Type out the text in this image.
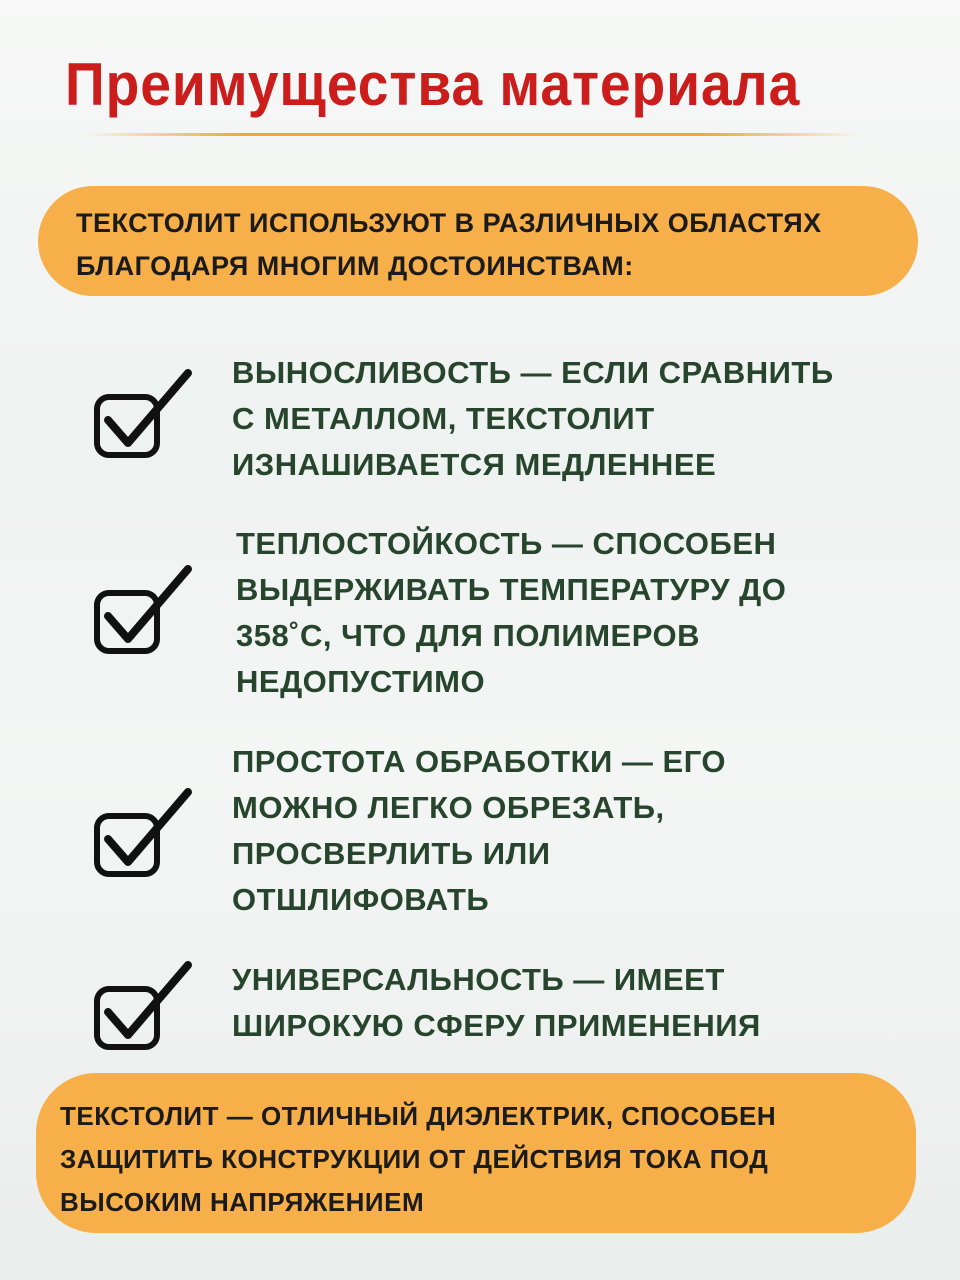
Преимущества материала
ТЕКСТОЛИТ ИСПОЛЬЗУЮТ В РАЗЛИЧНЫХ ОБЛАСТЯХ
БЛАГОДАРЯ МНОГИМ ДОСТОИНСТВАМ:
ВЫНОСЛИВОСТЬ — ЕСЛИ СРАВНИТЬ
С МЕТАЛЛОМ, ТЕКСТОЛИТ
ИЗНАШИВАЕТСЯ МЕДЛЕННЕЕ
ТЕПЛОСТОЙКОСТЬ — СПОСОБЕН
ВЫДЕРЖИВАТЬ ТЕМПЕРАТУРУ ДО
358˚С, ЧТО ДЛЯ ПОЛИМЕРОВ
НЕДОПУСТИМО
ПРОСТОТА ОБРАБОТКИ — ЕГО
МОЖНО ЛЕГКО ОБРЕЗАТЬ,
ПРОСВЕРЛИТЬ ИЛИ
ОТШЛИФОВАТЬ
УНИВЕРСАЛЬНОСТЬ — ИМЕЕТ
ШИРОКУЮ СФЕРУ ПРИМЕНЕНИЯ
ТЕКСТОЛИТ — ОТЛИЧНЫЙ ДИЭЛЕКТРИК, СПОСОБЕН
ЗАЩИТИТЬ КОНСТРУКЦИИ ОТ ДЕЙСТВИЯ ТОКА ПОД
ВЫСОКИМ НАПРЯЖЕНИЕМ
